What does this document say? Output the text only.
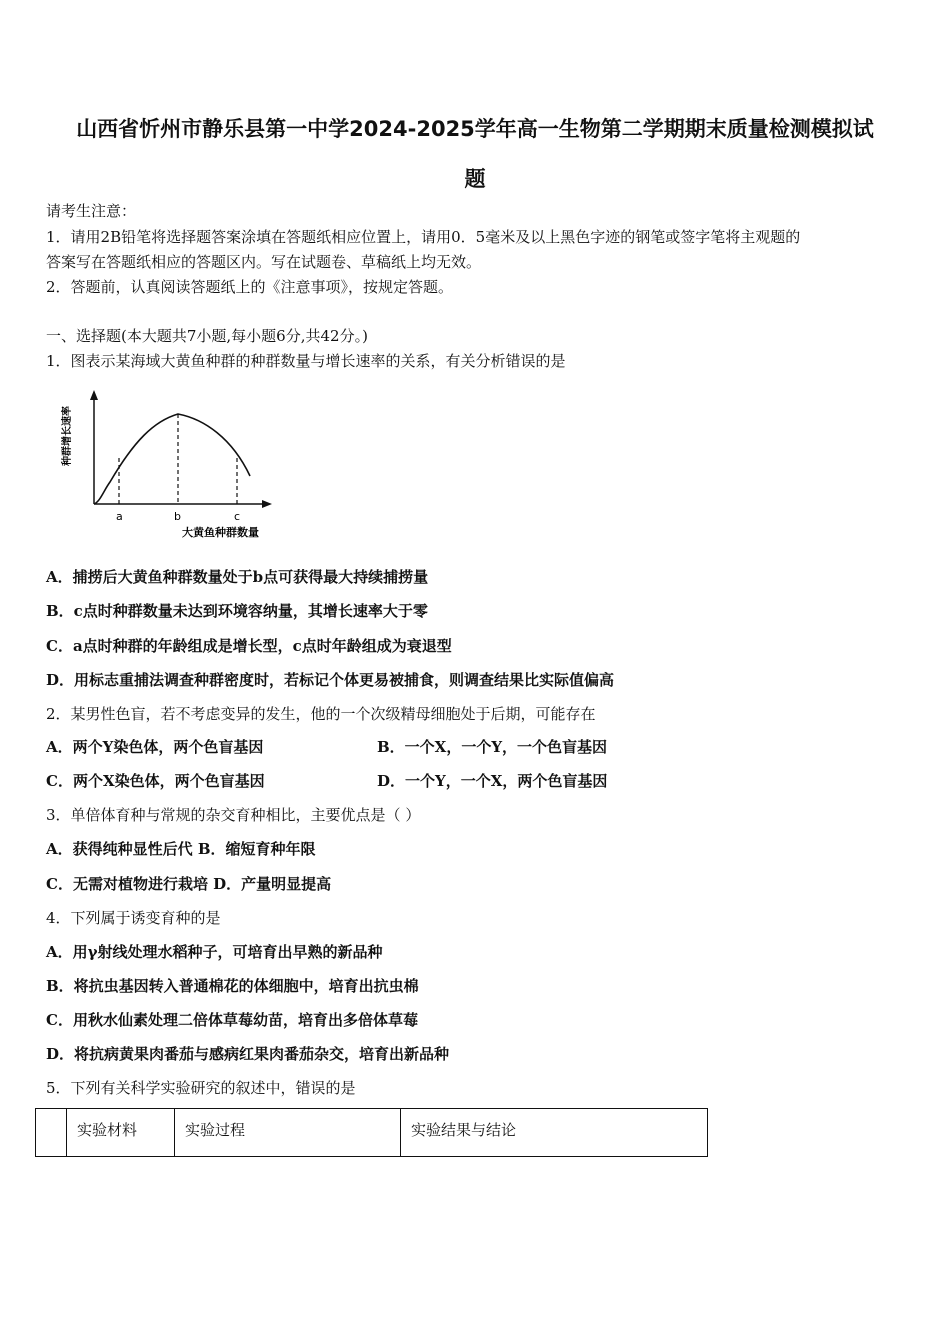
山西省忻州市静乐县第一中学2024-2025学年高一生物第二学期期末质量检测模拟试
题
请考生注意：
1．请用2B铅笔将选择题答案涂填在答题纸相应位置上，请用0．5毫米及以上黑色字迹的钢笔或签字笔将主观题的
答案写在答题纸相应的答题区内。写在试题卷、草稿纸上均无效。
2．答题前，认真阅读答题纸上的《注意事项》，按规定答题。
一、选择题(本大题共7小题,每小题6分,共42分。)
1．图表示某海域大黄鱼种群的种群数量与增长速率的关系，有关分析错误的是
a	b	c
大黄鱼种群数量
种群增长速率
A．捕捞后大黄鱼种群数量处于b点可获得最大持续捕捞量
B．c点时种群数量未达到环境容纳量，其增长速率大于零
C．a点时种群的年龄组成是增长型，c点时年龄组成为衰退型
D．用标志重捕法调查种群密度时，若标记个体更易被捕食，则调查结果比实际值偏高
2．某男性色盲，若不考虑变异的发生，他的一个次级精母细胞处于后期，可能存在
A．两个Y染色体，两个色盲基因	B．一个X，一个Y，一个色盲基因
C．两个X染色体，两个色盲基因	D．一个Y，一个X，两个色盲基因
3．单倍体育种与常规的杂交育种相比，主要优点是（ ）
A．获得纯种显性后代 B．缩短育种年限
C．无需对植物进行栽培 D．产量明显提高
4．下列属于诱变育种的是
A．用γ射线处理水稻种子，可培育出早熟的新品种
B．将抗虫基因转入普通棉花的体细胞中，培育出抗虫棉
C．用秋水仙素处理二倍体草莓幼苗，培育出多倍体草莓
D．将抗病黄果肉番茄与感病红果肉番茄杂交，培育出新品种
5．下列有关科学实验研究的叙述中，错误的是
	实验材料	实验过程	实验结果与结论
